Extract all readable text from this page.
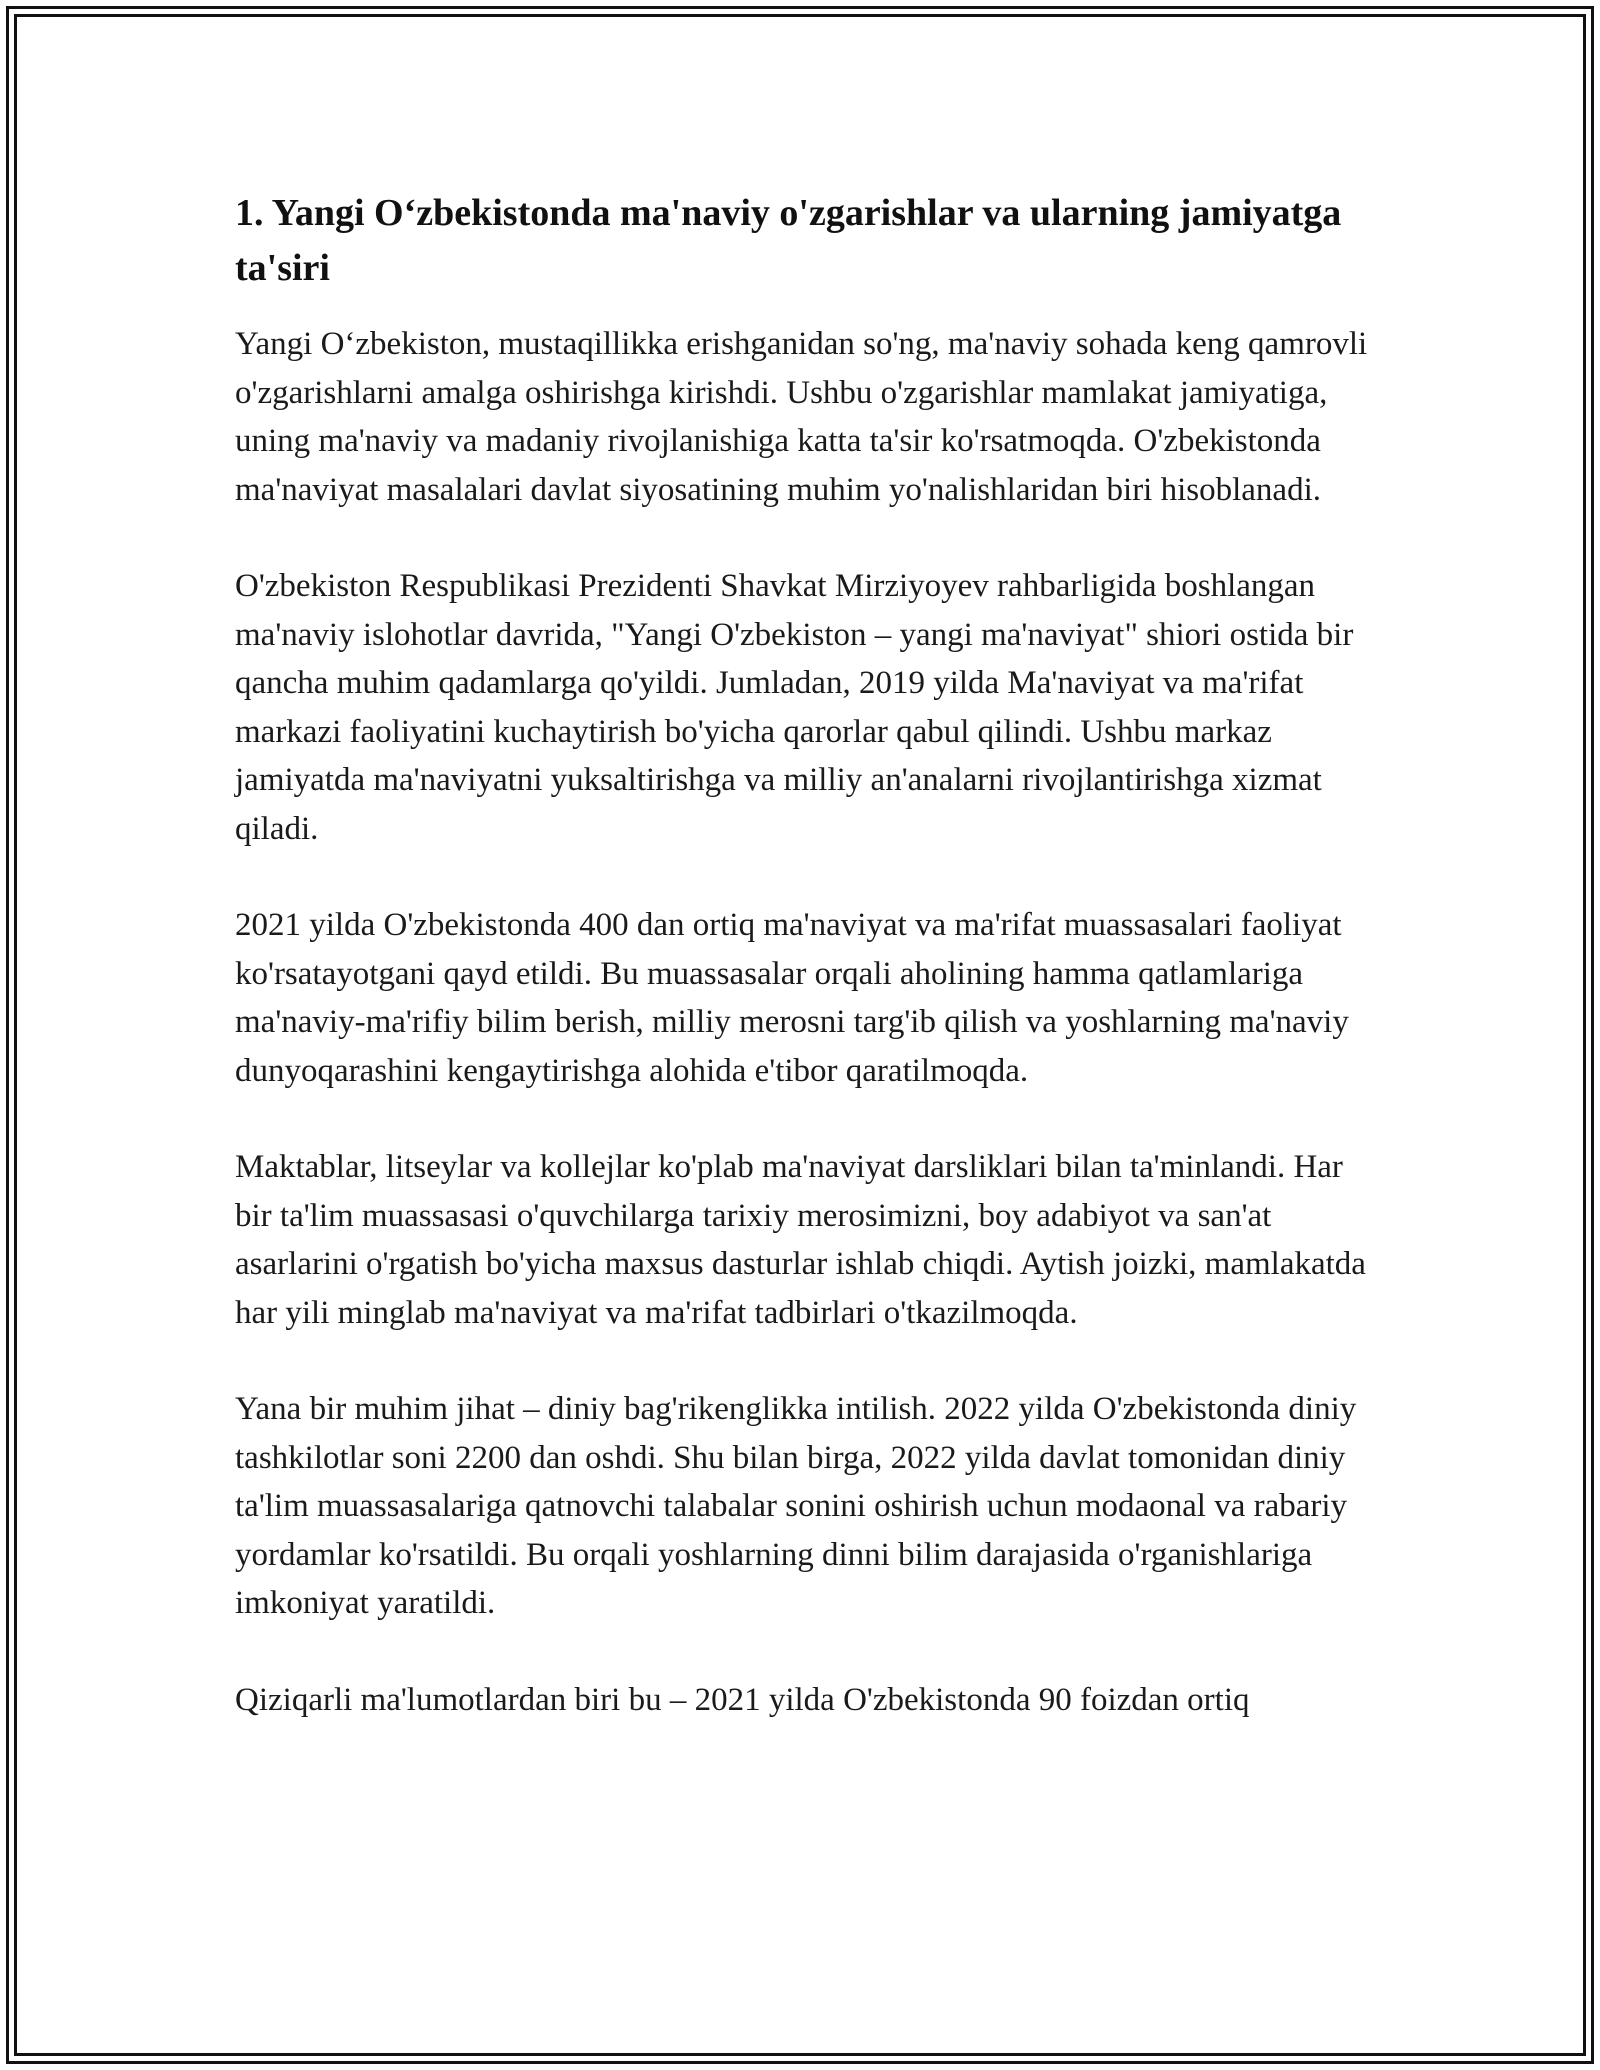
1. Yangi O‘zbekistonda ma'naviy o'zgarishlar va ularning jamiyatga ta'siri

Yangi O‘zbekiston, mustaqillikka erishganidan so'ng, ma'naviy sohada keng qamrovli o'zgarishlarni amalga oshirishga kirishdi. Ushbu o'zgarishlar mamlakat jamiyatiga, uning ma'naviy va madaniy rivojlanishiga katta ta'sir ko'rsatmoqda. O'zbekistonda ma'naviyat masalalari davlat siyosatining muhim yo'nalishlaridan biri hisoblanadi.

O'zbekiston Respublikasi Prezidenti Shavkat Mirziyoyev rahbarligida boshlangan ma'naviy islohotlar davrida, "Yangi O'zbekiston – yangi ma'naviyat" shiori ostida bir qancha muhim qadamlarga qo'yildi. Jumladan, 2019 yilda Ma'naviyat va ma'rifat markazi faoliyatini kuchaytirish bo'yicha qarorlar qabul qilindi. Ushbu markaz jamiyatda ma'naviyatni yuksaltirishga va milliy an'analarni rivojlantirishga xizmat qiladi.

2021 yilda O'zbekistonda 400 dan ortiq ma'naviyat va ma'rifat muassasalari faoliyat ko'rsatayotgani qayd etildi. Bu muassasalar orqali aholining hamma qatlamlariga ma'naviy-ma'rifiy bilim berish, milliy merosni targ'ib qilish va yoshlarning ma'naviy dunyoqarashini kengaytirishga alohida e'tibor qaratilmoqda.

Maktablar, litseylar va kollejlar ko'plab ma'naviyat darsliklari bilan ta'minlandi. Har bir ta'lim muassasasi o'quvchilarga tarixiy merosimizni, boy adabiyot va san'at asarlarini o'rgatish bo'yicha maxsus dasturlar ishlab chiqdi. Aytish joizki, mamlakatda har yili minglab ma'naviyat va ma'rifat tadbirlari o'tkazilmoqda.

Yana bir muhim jihat – diniy bag'rikenglikka intilish. 2022 yilda O'zbekistonda diniy tashkilotlar soni 2200 dan oshdi. Shu bilan birga, 2022 yilda davlat tomonidan diniy ta'lim muassasalariga qatnovchi talabalar sonini oshirish uchun modaonal va rabariy yordamlar ko'rsatildi. Bu orqali yoshlarning dinni bilim darajasida o'rganishlariga imkoniyat yaratildi.

Qiziqarli ma'lumotlardan biri bu – 2021 yilda O'zbekistonda 90 foizdan ortiq
